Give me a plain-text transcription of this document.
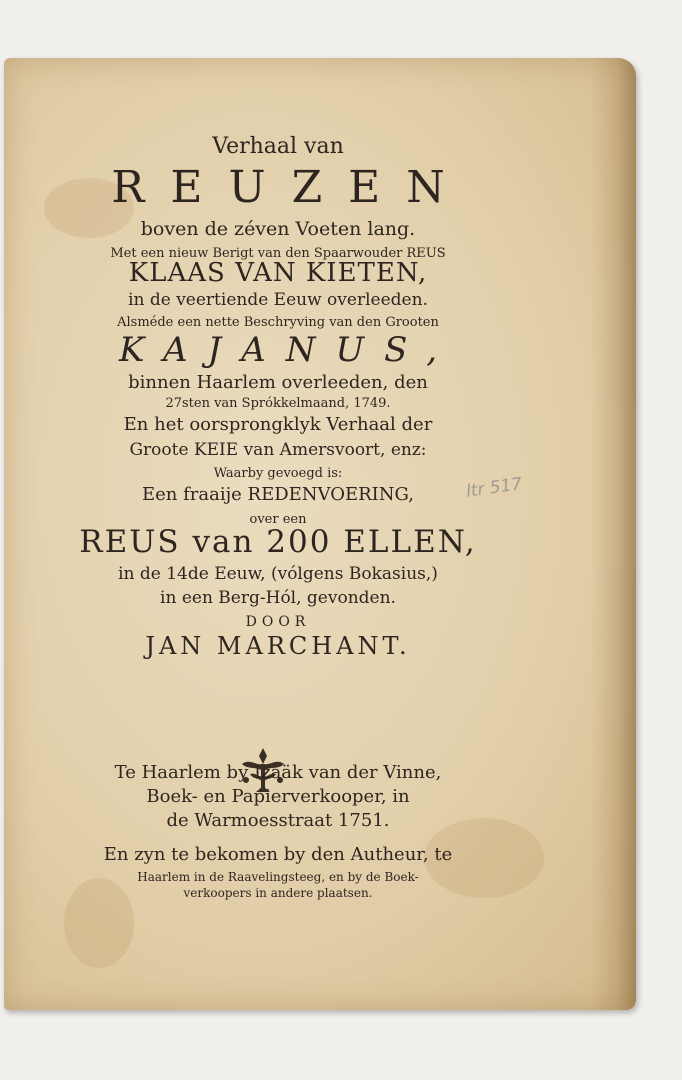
Verhaal van
REUZEN
boven de zéven Voeten lang.
Met een nieuw Berigt van den Spaarwouder REUS
KLAAS VAN KIETEN,
in de veertiende Eeuw overleeden.
Alsméde een nette Beschryving van den Grooten
KAJANUS,
binnen Haarlem overleeden, den
27sten van Sprókkelmaand, 1749.
En het oorsprongklyk Verhaal der
Groote KEIE van Amersvoort, enz:
Waarby gevoegd is:
Een fraaije REDENVOERING,
over een
REUS van 200 ELLEN,
in de 14de Eeuw, (vólgens Bokasius,)
in een Berg-Hól, gevonden.
DOOR
JAN MARCHANT.
Te Haarlem by Izaäk van der Vinne,
Boek- en Papierverkooper, in
de Warmoesstraat 1751.
En zyn te bekomen by den Autheur, te
Haarlem in de Raavelingsteeg, en by de Boek-
verkoopers in andere plaatsen.
ltr 517
